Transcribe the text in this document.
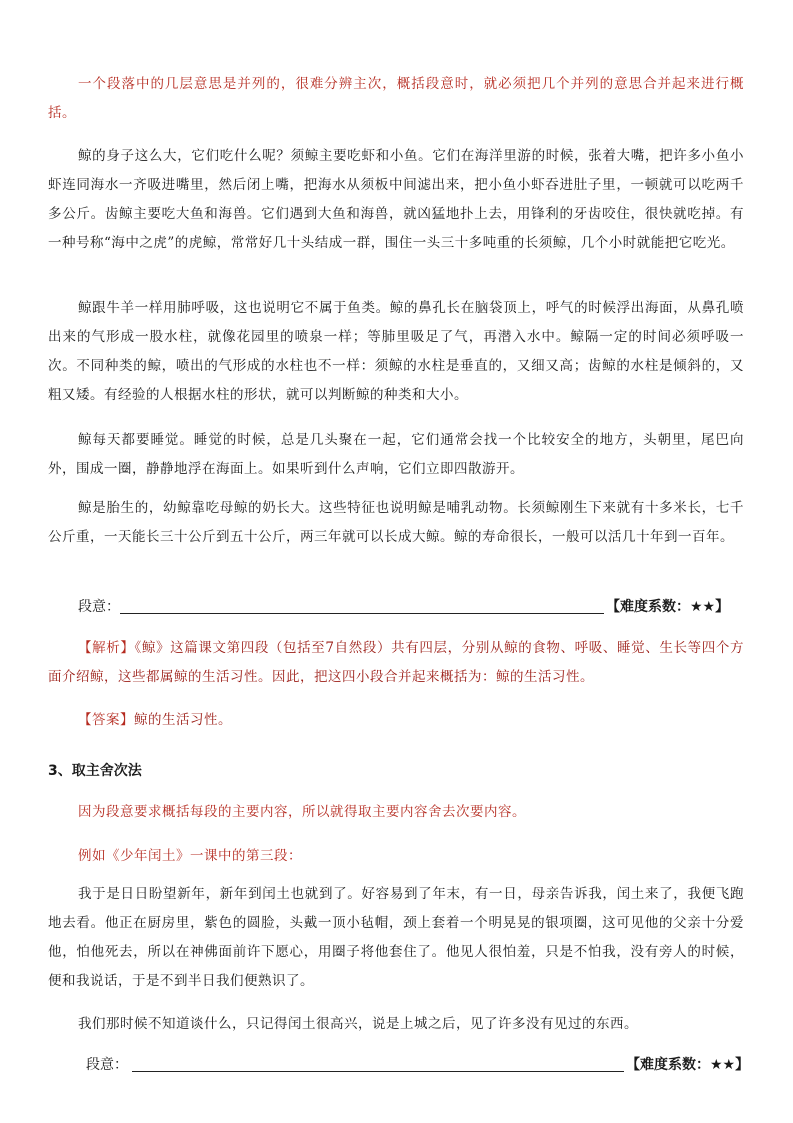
一个段落中的几层意思是并列的，很难分辨主次，概括段意时，就必须把几个并列的意思合并起来进行概括。

鲸的身子这么大，它们吃什么呢？须鲸主要吃虾和小鱼。它们在海洋里游的时候，张着大嘴，把许多小鱼小虾连同海水一齐吸进嘴里，然后闭上嘴，把海水从须板中间滤出来，把小鱼小虾吞进肚子里，一顿就可以吃两千多公斤。齿鲸主要吃大鱼和海兽。它们遇到大鱼和海兽，就凶猛地扑上去，用锋利的牙齿咬住，很快就吃掉。有一种号称“海中之虎”的虎鲸，常常好几十头结成一群，围住一头三十多吨重的长须鲸，几个小时就能把它吃光。

鲸跟牛羊一样用肺呼吸，这也说明它不属于鱼类。鲸的鼻孔长在脑袋顶上，呼气的时候浮出海面，从鼻孔喷出来的气形成一股水柱，就像花园里的喷泉一样；等肺里吸足了气，再潜入水中。鲸隔一定的时间必须呼吸一次。不同种类的鲸，喷出的气形成的水柱也不一样：须鲸的水柱是垂直的，又细又高；齿鲸的水柱是倾斜的，又粗又矮。有经验的人根据水柱的形状，就可以判断鲸的种类和大小。

鲸每天都要睡觉。睡觉的时候，总是几头聚在一起，它们通常会找一个比较安全的地方，头朝里，尾巴向外，围成一圈，静静地浮在海面上。如果听到什么声响，它们立即四散游开。

鲸是胎生的，幼鲸靠吃母鲸的奶长大。这些特征也说明鲸是哺乳动物。长须鲸刚生下来就有十多米长，七千公斤重，一天能长三十公斤到五十公斤，两三年就可以长成大鲸。鲸的寿命很长，一般可以活几十年到一百年。

段意：	【难度系数：★★】

【解析】《鲸》这篇课文第四段（包括至7自然段）共有四层，分别从鲸的食物、呼吸、睡觉、生长等四个方面介绍鲸，这些都属鲸的生活习性。因此，把这四小段合并起来概括为：鲸的生活习性。

【答案】鲸的生活习性。

3、取主舍次法

因为段意要求概括每段的主要内容，所以就得取主要内容舍去次要内容。

例如《少年闰土》一课中的第三段：

我于是日日盼望新年，新年到闰土也就到了。好容易到了年末，有一日，母亲告诉我，闰土来了，我便飞跑地去看。他正在厨房里，紫色的圆脸，头戴一顶小毡帽，颈上套着一个明晃晃的银项圈，这可见他的父亲十分爱他，怕他死去，所以在神佛面前许下愿心，用圈子将他套住了。他见人很怕羞，只是不怕我，没有旁人的时候，便和我说话，于是不到半日我们便熟识了。

我们那时候不知道谈什么，只记得闰土很高兴，说是上城之后，见了许多没有见过的东西。

段意：	【难度系数：★★】
